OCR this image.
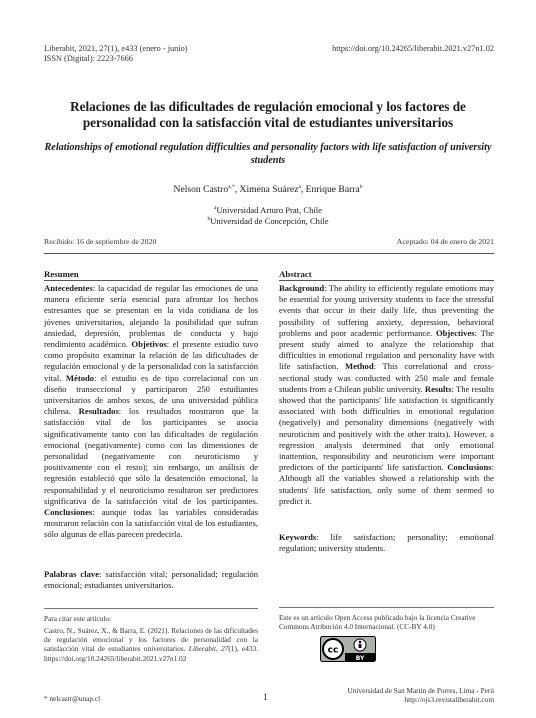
Liberabit, 2021, 27(1), e433 (enero - junio)
ISSN (Digital): 2223-7666
https://doi.org/10.24265/liberabit.2021.v27n1.02
Relaciones de las dificultades de regulación emocional y los factores de personalidad con la satisfacción vital de estudiantes universitarios
Relationships of emotional regulation difficulties and personality factors with life satisfaction of university students
Nelson Castro$^{a,*}$, Ximena Suárez$^a$, Enrique Barra$^b$
$^a$Universidad Arturo Prat, Chile
$^b$Universidad de Concepción, Chile
Recibido: 16 de septiembre de 2020	Aceptado: 04 de enero de 2021
Resumen
Antecedentes: la capacidad de regular las emociones de una manera eficiente sería esencial para afrontar los hechos estresantes que se presentan en la vida cotidiana de los jóvenes universitarios, alejando la posibilidad que sufran ansiedad, depresión, problemas de conducta y bajo rendimiento académico. Objetivos: el presente estudio tuvo como propósito examinar la relación de las dificultades de regulación emocional y de la personalidad con la satisfacción vital. Método: el estudio es de tipo correlacional con un diseño transeccional y participaron 250 estudiantes universitarios de ambos sexos, de una universidad pública chilena. Resultados: los resultados mostraron que la satisfacción vital de los participantes se asocia significativamente tanto con las dificultades de regulación emocional (negativamente) como con las dimensiones de personalidad (negativamente con neuroticismo y positivamente con el resto); sin embargo, un análisis de regresión estableció que sólo la desatención emocional, la responsabilidad y el neuroticismo resultaron ser predictores significativa de la satisfacción vital de los participantes. Conclusiones: aunque todas las variables consideradas mostraron relación con la satisfacción vital de los estudiantes, sólo algunas de ellas parecen predecirla.
Palabras clave: satisfacción vital; personalidad; regulación emocional; estudiantes universitarios.
Abstract
Background: The ability to efficiently regulate emotions may be essential for young university students to face the stressful events that occur in their daily life, thus preventing the possibility of suffering anxiety, depression, behavioral problems and poor academic performance. Objectives: The present study aimed to analyze the relationship that difficulties in emotional regulation and personality have with life satisfaction. Method: This correlational and cross-sectional study was conducted with 250 male and female students from a Chilean public university. Results: The results showed that the participants' life satisfaction is significantly associated with both difficulties in emotional regulation (negatively) and personality dimensions (negatively with neuroticism and positively with the other traits). However, a regression analysis determined that only emotional inattention, responsibility and neuroticism were important predictors of the participants' life satisfaction. Conclusions: Although all the variables showed a relationship with the students' life satisfaction, only some of them seemed to predict it.
Keywords: life satisfaction; personality; emotional regulation; university students.
Para citar este artículo:
Castro, N., Suárez, X., & Barra, E. (2021). Relaciones de las dificultades de regulación emocional y los factores de personalidad con la satisfacción vital de estudiantes universitarios. Liberabit, 27(1), e433. https://doi.org/10.24265/liberabit.2021.v27n1.02
Este es un artículo Open Access publicado bajo la licencia Creative Commons Atribución 4.0 Internacional. (CC-BY 4.0)
cc
BY
* nelcastr@unap.cl	1
Universidad de San Martín de Porres, Lima - Perú
http://ojs3.revistaliberabit.com
